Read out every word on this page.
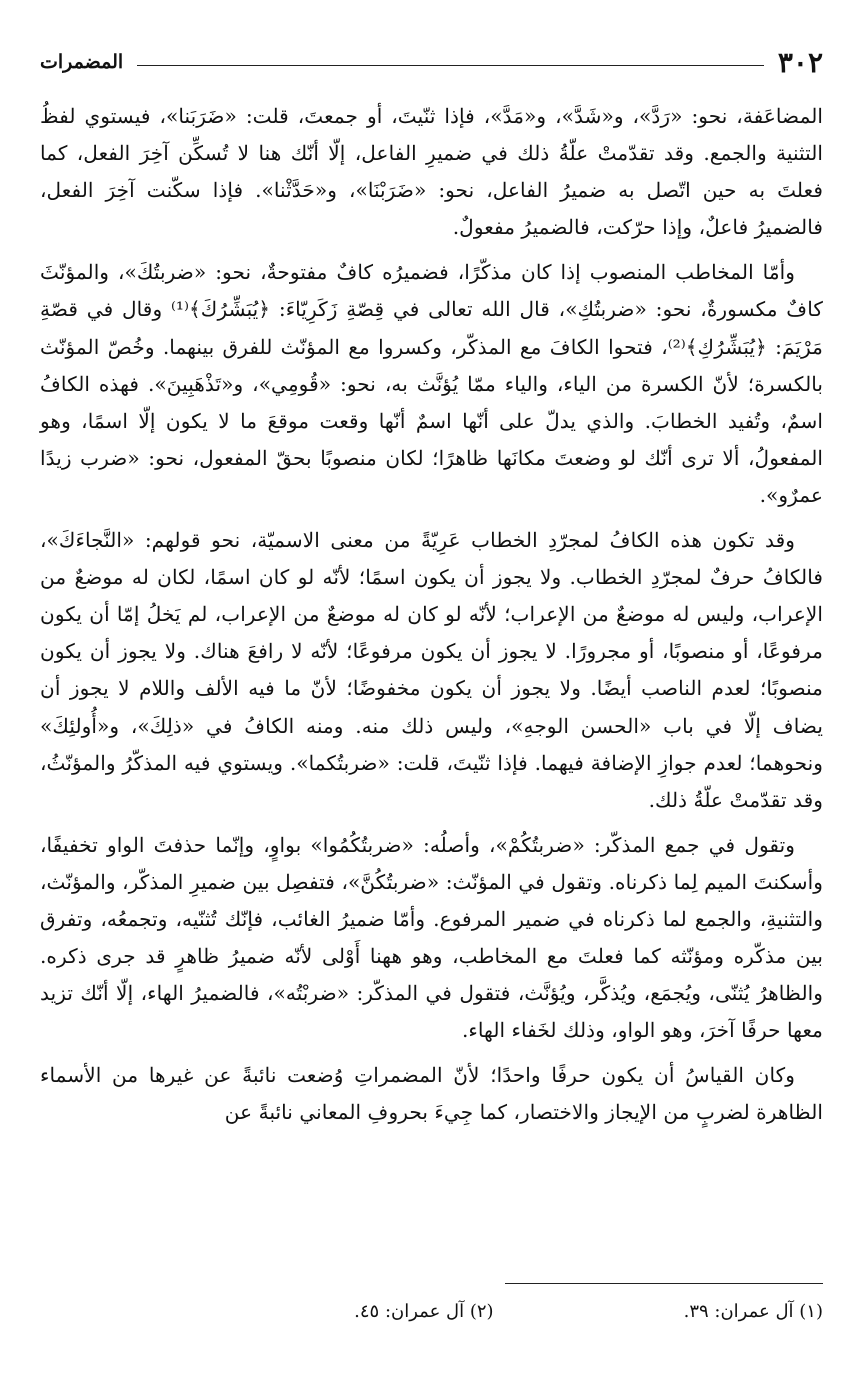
٣٠٢
المضمرات

المضاعَفة، نحو: «رَدَّ»، و«شَدَّ»، و«مَدَّ»، فإذا ثنّيتَ، أو جمعتَ، قلت: «ضَرَبَنا»، فيستوي لفظُ التثنية والجمع. وقد تقدّمتْ علّةُ ذلك في ضميرِ الفاعل، إلّا أنّك هنا لا تُسكِّن آخِرَ الفعل، كما فعلتَ به حين اتّصل به ضميرُ الفاعل، نحو: «ضَرَبْنَا»، و«حَدَّثْنا». فإذا سكّنت آخِرَ الفعل، فالضميرُ فاعلٌ، وإذا حرّكت، فالضميرُ مفعولٌ.

وأمّا المخاطب المنصوب إذا كان مذكّرًا، فضميرُه كافٌ مفتوحةٌ، نحو: «ضربتُكَ»، والمؤنّثَ كافٌ مكسورةٌ، نحو: «ضربتُكِ»، قال الله تعالى في قِصّةِ زَكَرِيّاءَ: ﴿يُبَشِّرُكَ﴾⁽¹⁾ وقال في قصّةِ مَرْيَمَ: ﴿يُبَشِّرُكِ﴾⁽²⁾، فتحوا الكافَ مع المذكّر، وكسروا مع المؤنّث للفرق بينهما. وخُصّ المؤنّث بالكسرة؛ لأنّ الكسرة من الياء، والياء ممّا يُؤنَّث به، نحو: «قُومِي»، و«تَذْهَبِينَ». فهذه الكافُ اسمٌ، وتُفيد الخطابَ. والذي يدلّ على أنّها اسمٌ أنّها وقعت موقعَ ما لا يكون إلّا اسمًا، وهو المفعولُ، ألا ترى أنّك لو وضعتَ مكانَها ظاهرًا؛ لكان منصوبًا بحقّ المفعول، نحو: «ضرب زيدًا عمرٌو».

وقد تكون هذه الكافُ لمجرّدِ الخطاب عَرِيّةً من معنى الاسميّة، نحو قولهم: «النَّجاءَكَ»، فالكافُ حرفٌ لمجرّدِ الخطاب. ولا يجوز أن يكون اسمًا؛ لأنّه لو كان اسمًا، لكان له موضعٌ من الإعراب، وليس له موضعٌ من الإعراب؛ لأنّه لو كان له موضعٌ من الإعراب، لم يَخلُ إمّا أن يكون مرفوعًا، أو منصوبًا، أو مجرورًا. لا يجوز أن يكون مرفوعًا؛ لأنّه لا رافعَ هناك. ولا يجوز أن يكون منصوبًا؛ لعدم الناصب أيضًا. ولا يجوز أن يكون مخفوضًا؛ لأنّ ما فيه الألف واللام لا يجوز أن يضاف إلّا في باب «الحسن الوجهِ»، وليس ذلك منه. ومنه الكافُ في «ذلِكَ»، و«أُولئِكَ» ونحوهما؛ لعدم جوازِ الإضافة فيهما. فإذا ثنّيتَ، قلت: «ضربتُكما». ويستوي فيه المذكّرُ والمؤنّثُ، وقد تقدّمتْ علّةُ ذلك.

وتقول في جمع المذكّر: «ضربتُكُمْ»، وأصلُه: «ضربتُكُمُوا» بواوٍ، وإنّما حذفتَ الواو تخفيفًا، وأسكنتَ الميم لِما ذكرناه. وتقول في المؤنّث: «ضربتُكُنَّ»، فتفصِل بين ضميرِ المذكّر، والمؤنّث، والتثنيةِ، والجمع لما ذكرناه في ضمير المرفوع. وأمّا ضميرُ الغائب، فإنّك تُثنّيه، وتجمعُه، وتفرق بين مذكّره ومؤنّثه كما فعلتَ مع المخاطب، وهو ههنا أَوْلى لأنّه ضميرُ ظاهرٍ قد جرى ذكره. والظاهرُ يُثنّى، ويُجمَع، ويُذكَّر، ويُؤنَّث، فتقول في المذكّر: «ضربْتُه»، فالضميرُ الهاء، إلّا أنّك تزيد معها حرفًا آخرَ، وهو الواو، وذلك لخَفاء الهاء.

وكان القياسُ أن يكون حرفًا واحدًا؛ لأنّ المضمراتِ وُضعت نائبةً عن غيرها من الأسماء الظاهرة لضربٍ من الإيجاز والاختصار، كما جِيءَ بحروفِ المعاني نائبةً عن

(١) آل عمران: ٣٩.
(٢) آل عمران: ٤٥.
